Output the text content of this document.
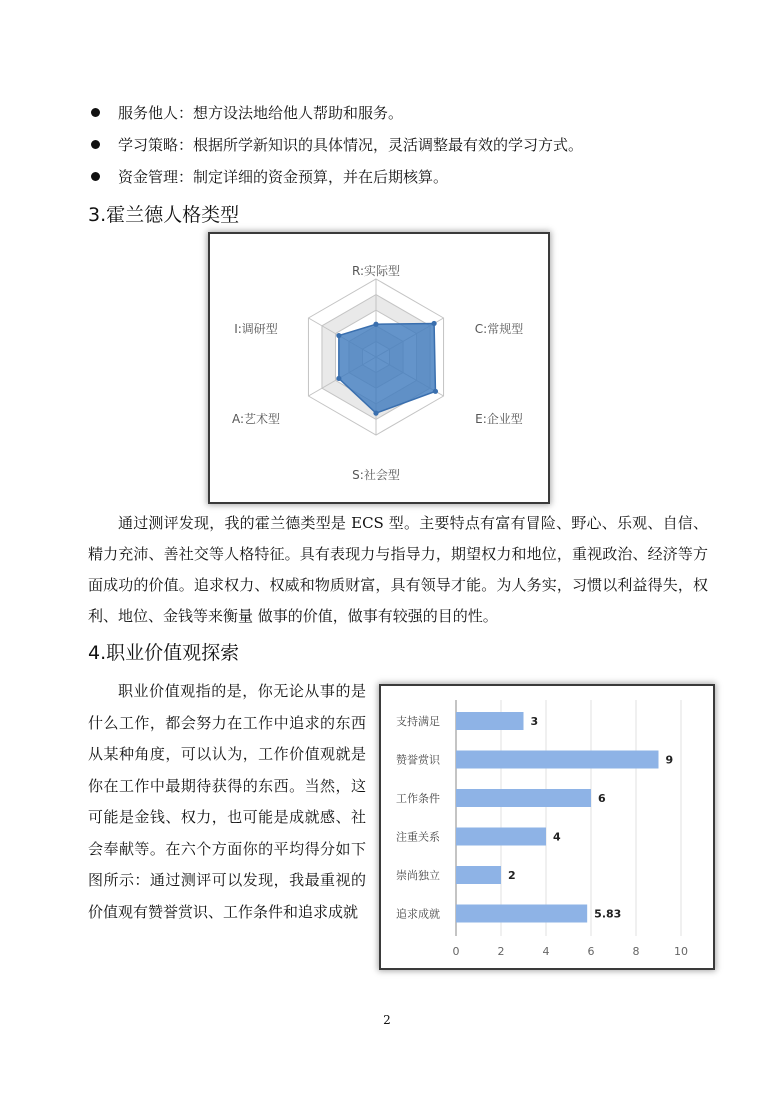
服务他人：想方设法地给他人帮助和服务。
学习策略：根据所学新知识的具体情况，灵活调整最有效的学习方式。
资金管理：制定详细的资金预算，并在后期核算。
3.霍兰德人格类型
R:实际型
C:常规型
E:企业型
S:社会型
A:艺术型
I:调研型

通过测评发现，我的霍兰德类型是 ECS 型。主要特点有富有冒险、野心、乐观、自信、精力充沛、善社交等人格特征。具有表现力与指导力，期望权力和地位，重视政治、经济等方面成功的价值。追求权力、权威和物质财富，具有领导才能。为人务实，习惯以利益得失，权利、地位、金钱等来衡量 做事的价值，做事有较强的目的性。

4.职业价值观探索

职业价值观指的是，你无论从事的是什么工作，都会努力在工作中追求的东西从某种角度，可以认为，工作价值观就是你在工作中最期待获得的东西。当然，这可能是金钱、权力，也可能是成就感、社会奉献等。在六个方面你的平均得分如下图所示：通过测评可以发现，我最重视的价值观有赞誉赏识、工作条件和追求成就

0	2	4	6	8	10
支持满足	3
赞誉赏识	9
工作条件	6
注重关系	4
崇尚独立	2
追求成就	5.83
2
